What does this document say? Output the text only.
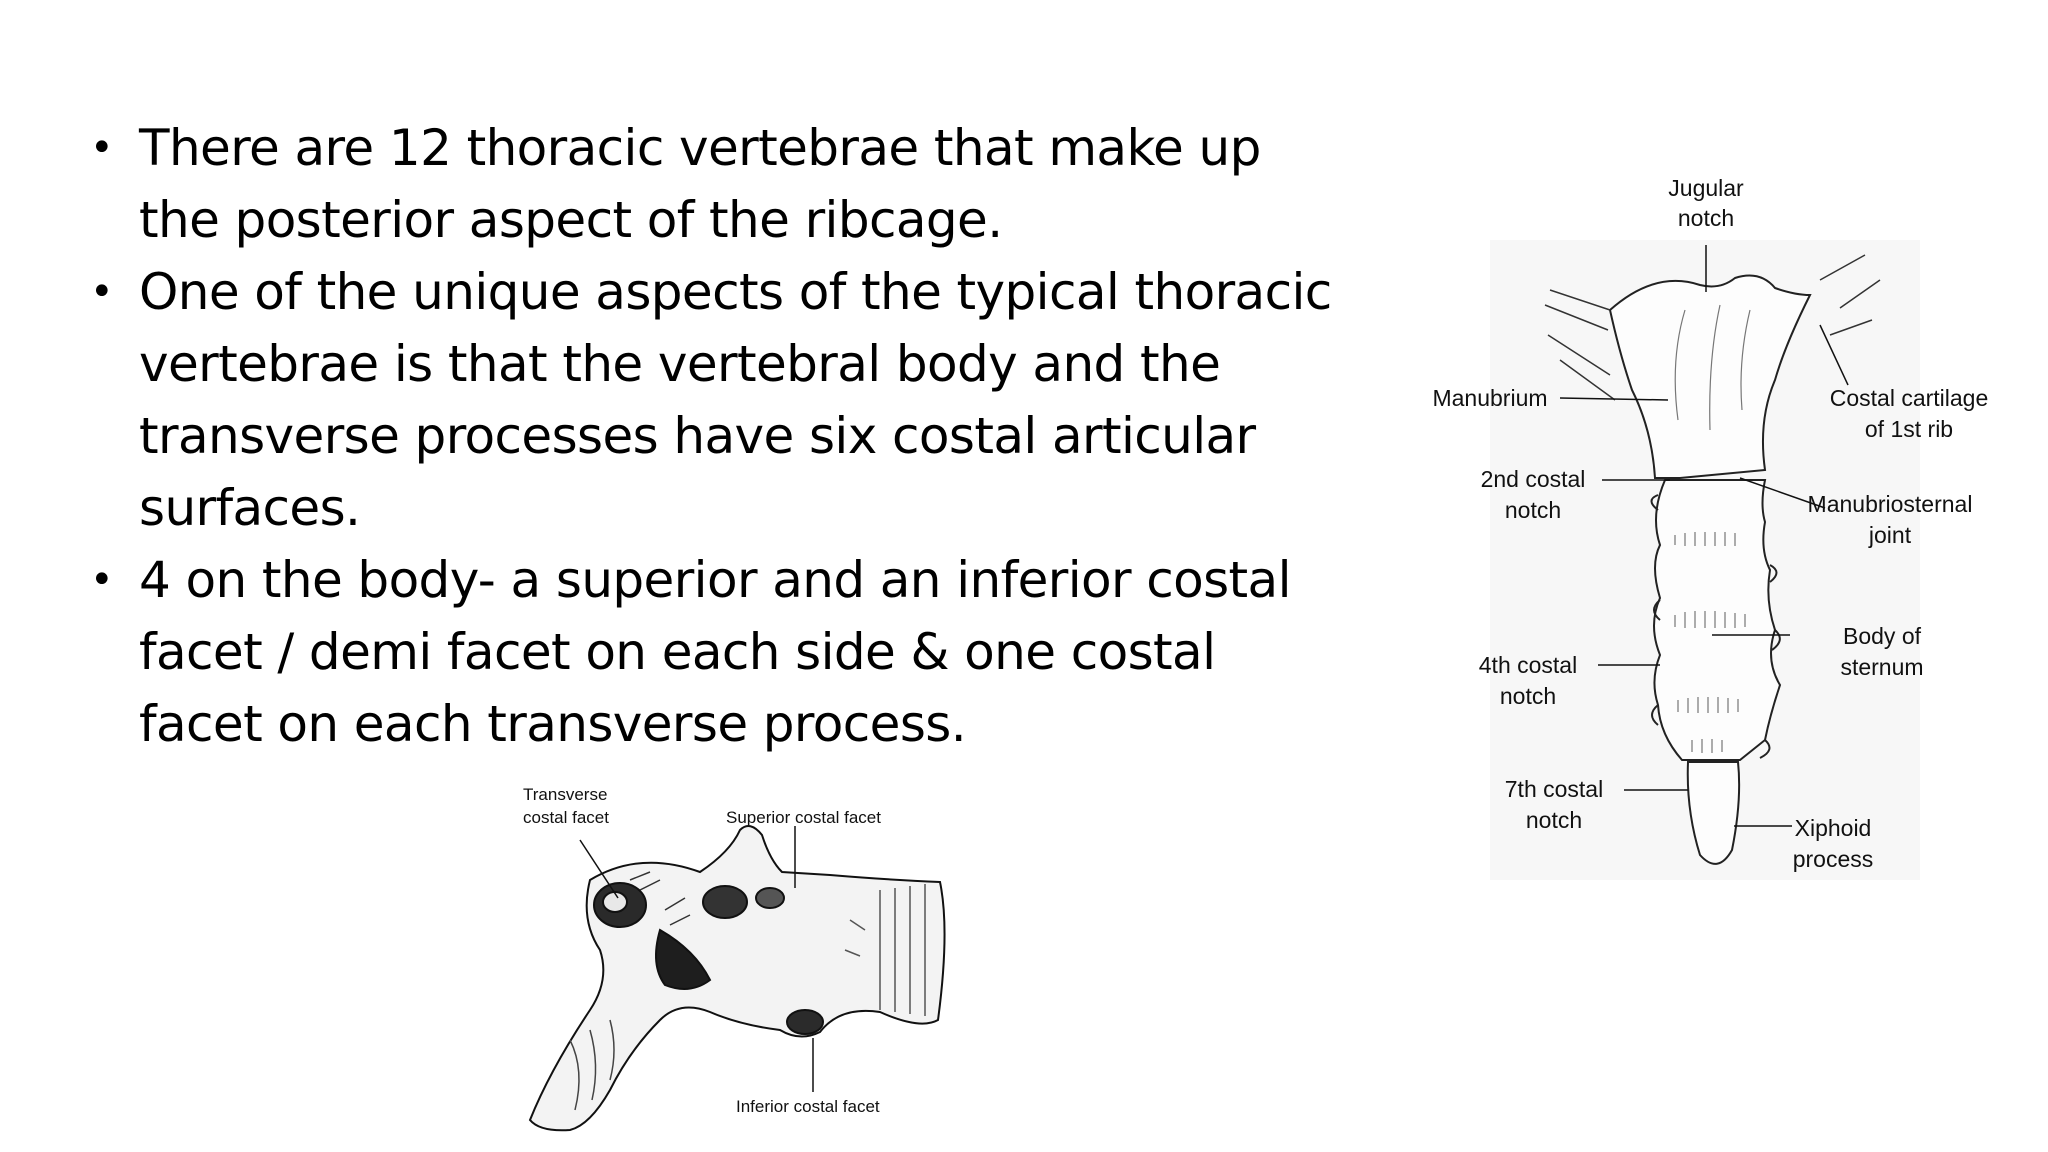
• There are 12 thoracic vertebrae that make up
the posterior aspect of the ribcage.
• One of the unique aspects of the typical thoracic
vertebrae is that the vertebral body and the
transverse processes have six costal articular
surfaces.
• 4 on the body- a superior and an inferior costal
facet / demi facet on each side & one costal
facet on each transverse process.
Transverse
costal facet	Superior costal facet
Inferior costal facet
Jugular
notch
Manubrium	Costal cartilage
of 1st rib
2nd costal
notch	Manubriosternal
joint
Body of
sternum
4th costal
notch
7th costal
notch	Xiphoid
process
